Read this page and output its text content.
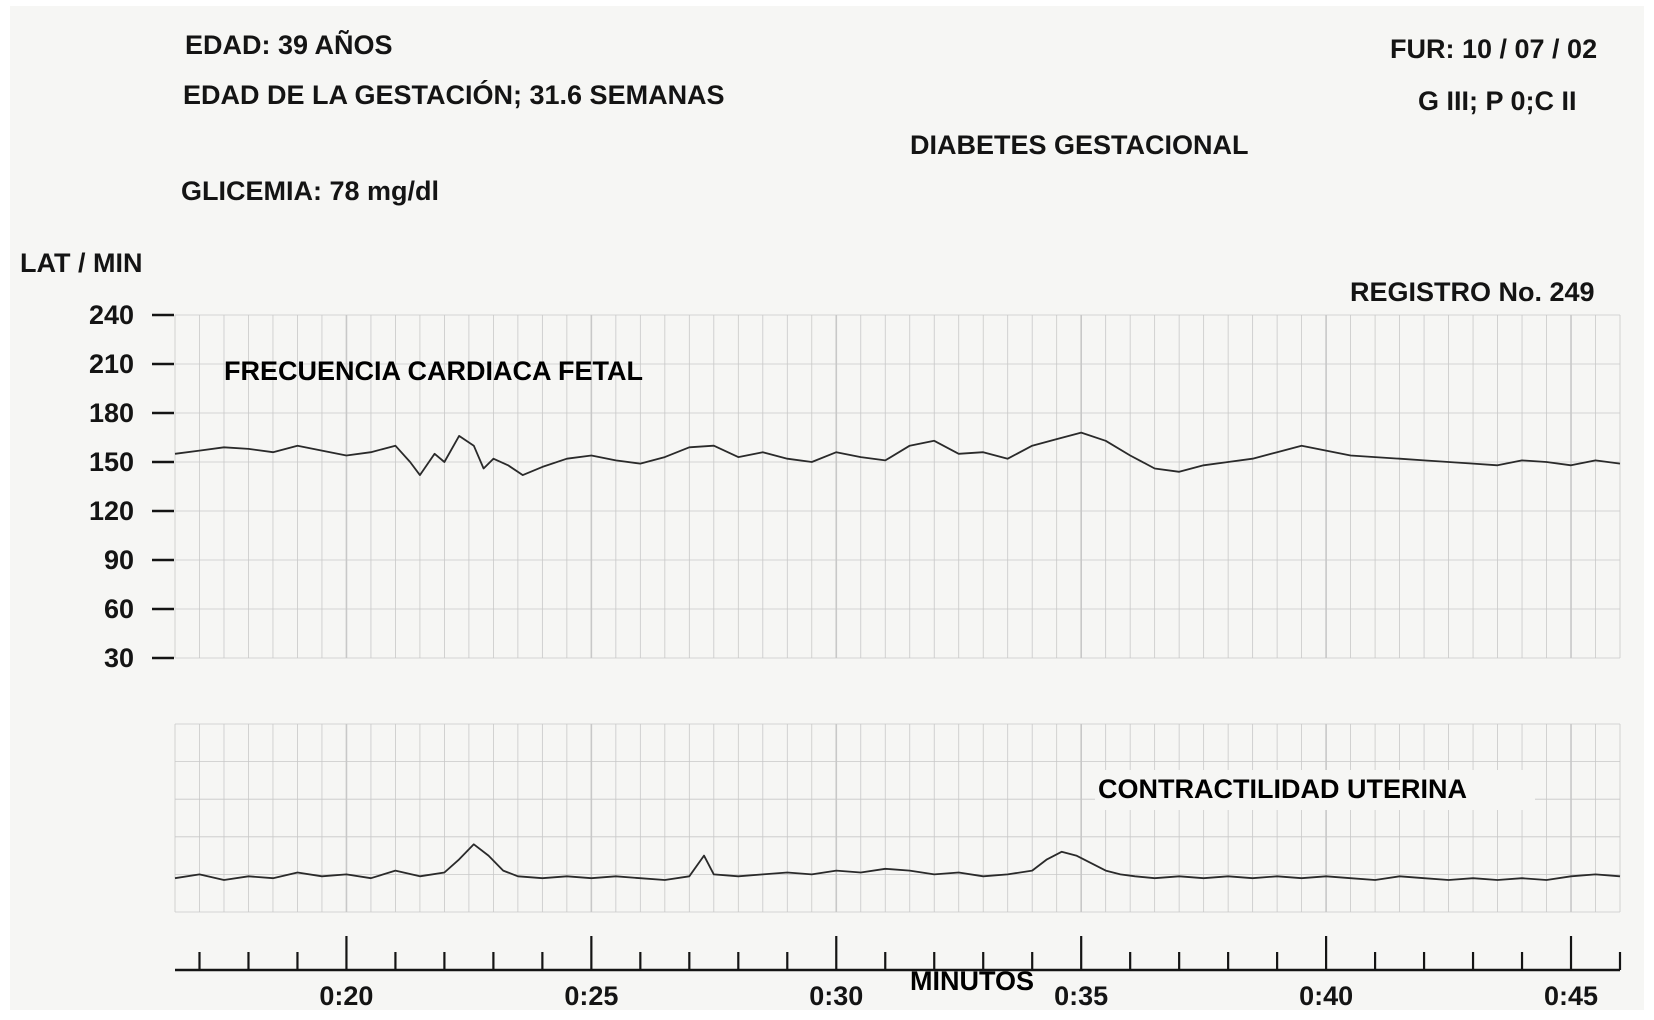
EDAD: 39 AÑOS
EDAD DE LA GESTACIÓN; 31.6 SEMANAS
GLICEMIA: 78 mg/dl
FUR: 10 / 07 / 02
G III; P 0;C II
DIABETES GESTACIONAL
REGISTRO No. 249
LAT / MIN
240
210
180
150
120
90
60
30
FRECUENCIA CARDIACA FETAL
CONTRACTILIDAD UTERINA
0:20	0:25	0:30	0:35	0:40	0:45
MINUTOS
